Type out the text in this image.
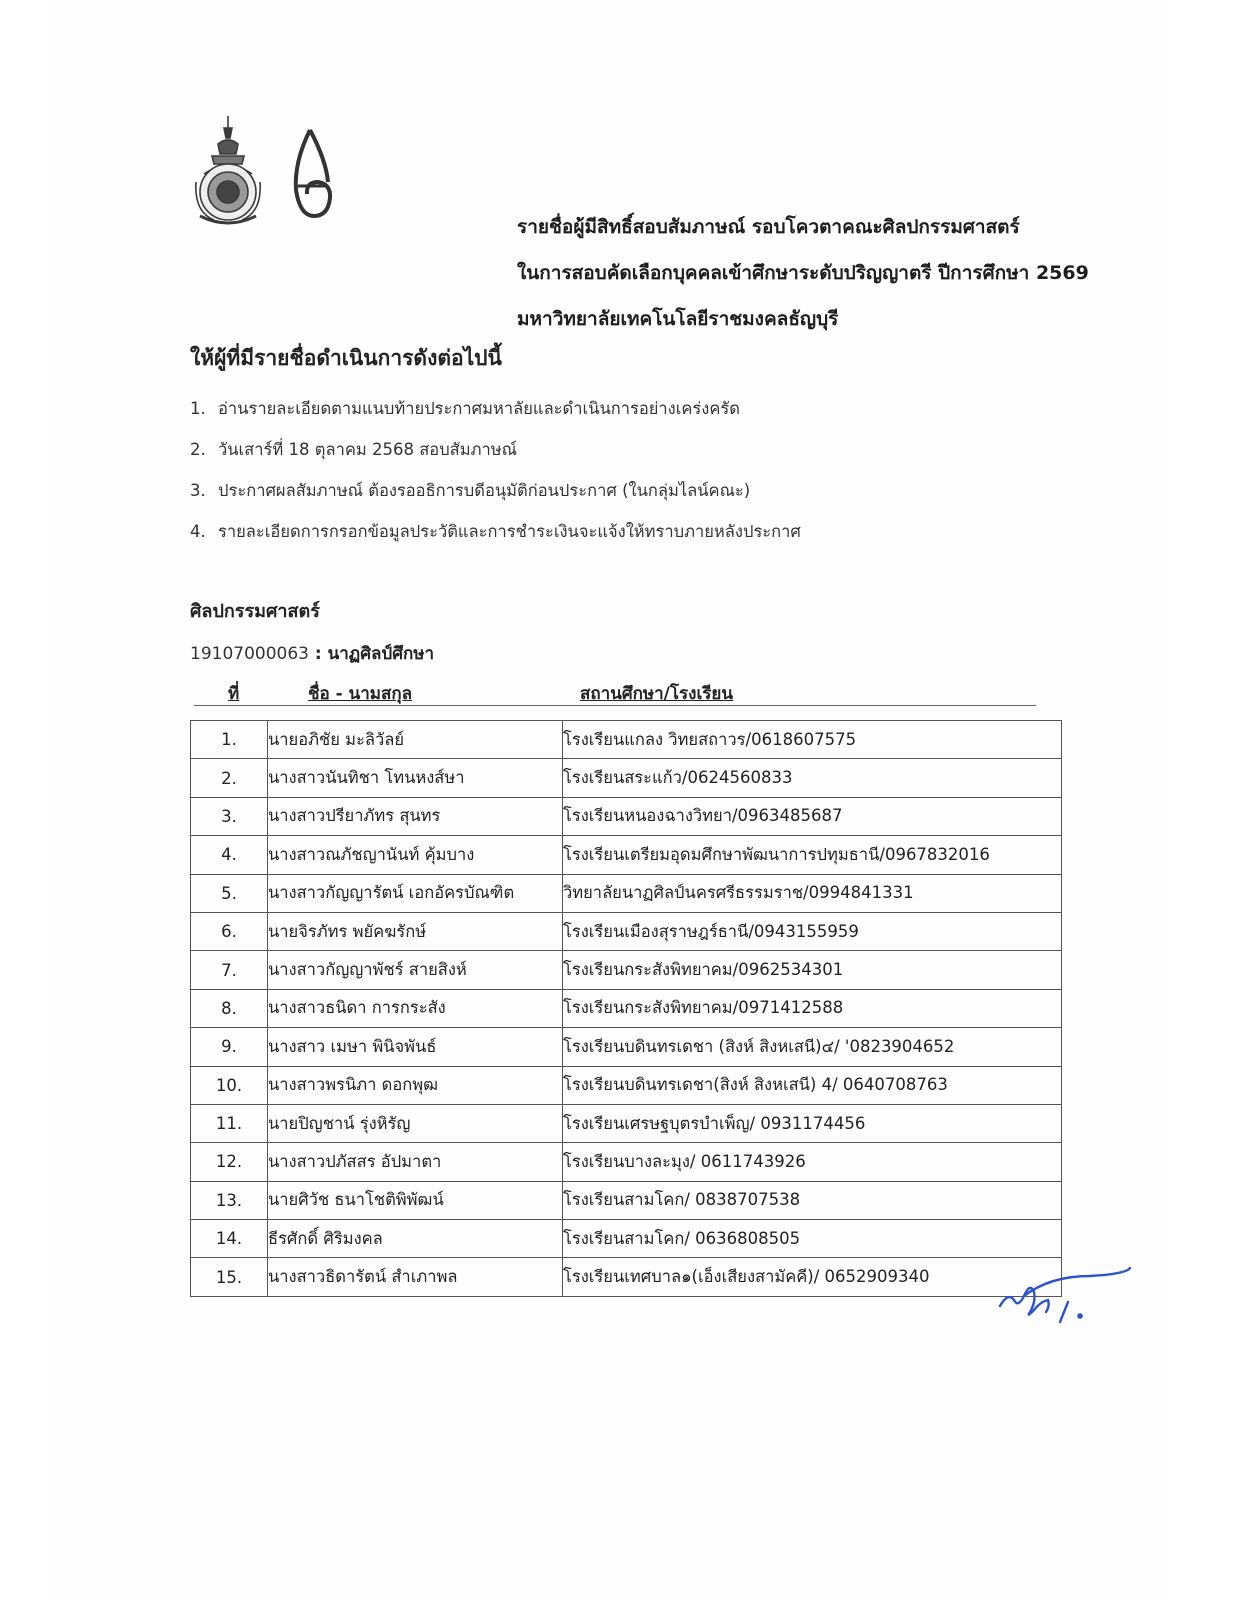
รายชื่อผู้มีสิทธิ์สอบสัมภาษณ์ รอบโควตาคณะศิลปกรรมศาสตร์
ในการสอบคัดเลือกบุคคลเข้าศึกษาระดับปริญญาตรี ปีการศึกษา 2569
มหาวิทยาลัยเทคโนโลยีราชมงคลธัญบุรี
ให้ผู้ที่มีรายชื่อดำเนินการดังต่อไปนี้
1. อ่านรายละเอียดตามแนบท้ายประกาศมหาลัยและดำเนินการอย่างเคร่งครัด
2. วันเสาร์ที่ 18 ตุลาคม 2568 สอบสัมภาษณ์
3. ประกาศผลสัมภาษณ์ ต้องรออธิการบดีอนุมัติก่อนประกาศ (ในกลุ่มไลน์คณะ)
4. รายละเอียดการกรอกข้อมูลประวัติและการชำระเงินจะแจ้งให้ทราบภายหลังประกาศ
ศิลปกรรมศาสตร์
19107000063 : นาฏศิลป์ศึกษา
ที่	ชื่อ - นามสกุล	สถานศึกษา/โรงเรียน
1.	นายอภิชัย มะลิวัลย์	โรงเรียนแกลง วิทยสถาวร/0618607575
2.	นางสาวนันทิชา โทนหงส์ษา	โรงเรียนสระแก้ว/0624560833
3.	นางสาวปรียาภัทร สุนทร	โรงเรียนหนองฉางวิทยา/0963485687
4.	นางสาวณภัชญานันท์ คุ้มบาง	โรงเรียนเตรียมอุดมศึกษาพัฒนาการปทุมธานี/0967832016
5.	นางสาวกัญญารัตน์ เอกอัครบัณฑิต	วิทยาลัยนาฏศิลป์นครศรีธรรมราช/0994841331
6.	นายจิรภัทร พยัคฆรักษ์	โรงเรียนเมืองสุราษฎร์ธานี/0943155959
7.	นางสาวกัญญาพัชร์ สายสิงห์	โรงเรียนกระสังพิทยาคม/0962534301
8.	นางสาวธนิดา การกระสัง	โรงเรียนกระสังพิทยาคม/0971412588
9.	นางสาว เมษา พินิจพันธ์	โรงเรียนบดินทรเดชา (สิงห์ สิงหเสนี)๔/ '0823904652
10.	นางสาวพรนิภา ดอกพุฒ	โรงเรียนบดินทรเดชา(สิงห์ สิงหเสนี) 4/ 0640708763
11.	นายปิญชาน์ รุ่งหิรัญ	โรงเรียนเศรษฐบุตรบำเพ็ญ/ 0931174456
12.	นางสาวปภัสสร อัปมาตา	โรงเรียนบางละมุง/ 0611743926
13.	นายศิวัช ธนาโชติพิพัฒน์	โรงเรียนสามโคก/ 0838707538
14.	ธีรศักดิ์ ศิริมงคล	โรงเรียนสามโคก/ 0636808505
15.	นางสาวธิดารัตน์ สำเภาพล	โรงเรียนเทศบาล๑(เอ็งเสียงสามัคคี)/ 0652909340
